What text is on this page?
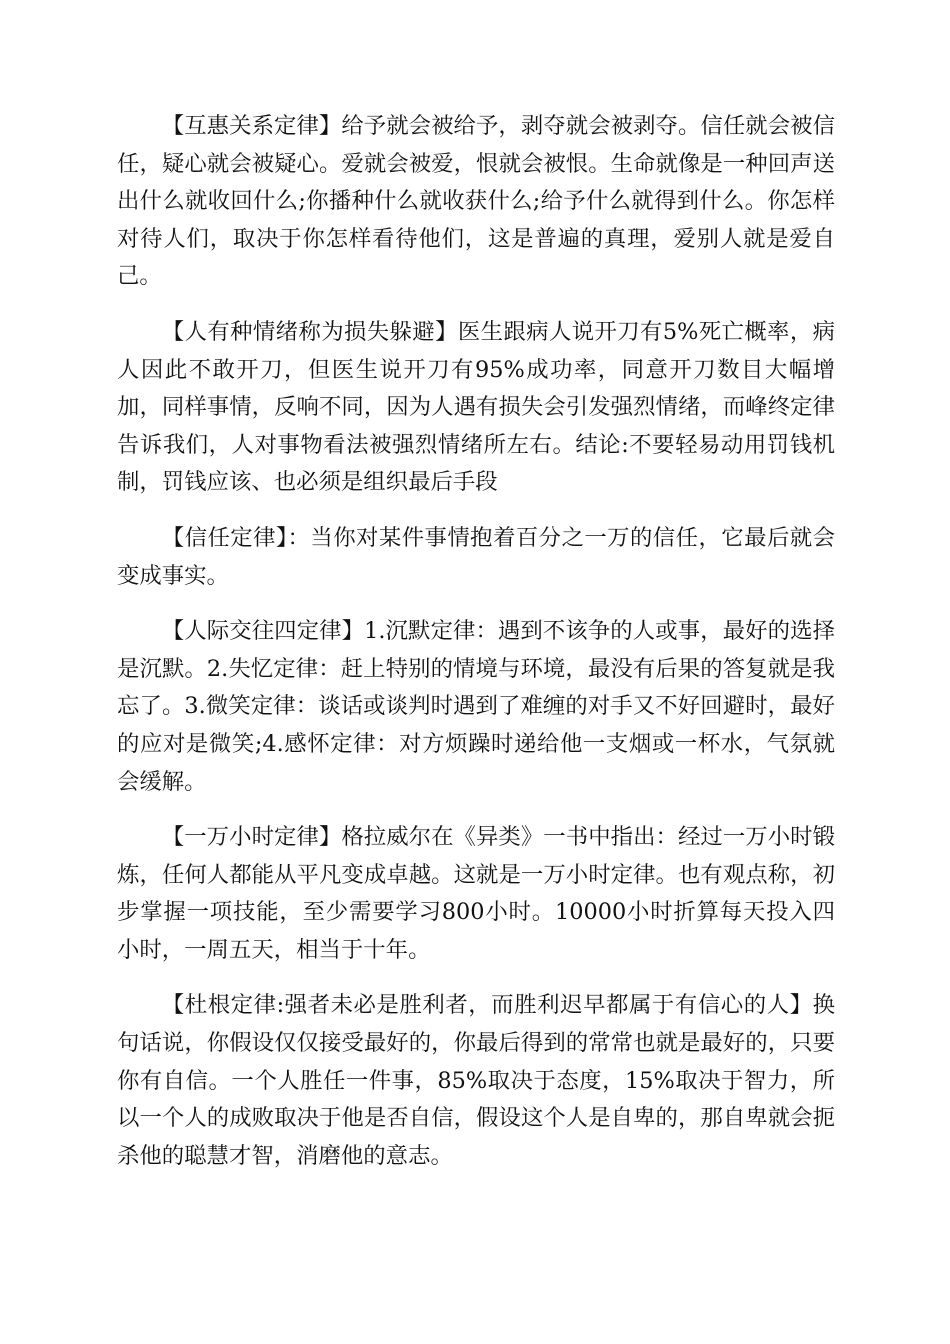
【互惠关系定律】给予就会被给予，剥夺就会被剥夺。信任就会被信任，疑心就会被疑心。爱就会被爱，恨就会被恨。生命就像是一种回声送出什么就收回什么;你播种什么就收获什么;给予什么就得到什么。你怎样对待人们，取决于你怎样看待他们，这是普遍的真理，爱别人就是爱自己。

【人有种情绪称为损失躲避】医生跟病人说开刀有5%死亡概率，病人因此不敢开刀，但医生说开刀有95%成功率，同意开刀数目大幅增加，同样事情，反响不同，因为人遇有损失会引发强烈情绪，而峰终定律告诉我们，人对事物看法被强烈情绪所左右。结论:不要轻易动用罚钱机制，罚钱应该、也必须是组织最后手段

【信任定律】：当你对某件事情抱着百分之一万的信任，它最后就会变成事实。

【人际交往四定律】1.沉默定律：遇到不该争的人或事，最好的选择是沉默。2.失忆定律：赶上特别的情境与环境，最没有后果的答复就是我忘了。3.微笑定律：谈话或谈判时遇到了难缠的对手又不好回避时，最好的应对是微笑;4.感怀定律：对方烦躁时递给他一支烟或一杯水，气氛就会缓解。

【一万小时定律】格拉威尔在《异类》一书中指出：经过一万小时锻炼，任何人都能从平凡变成卓越。这就是一万小时定律。也有观点称，初步掌握一项技能，至少需要学习800小时。10000小时折算每天投入四小时，一周五天，相当于十年。

【杜根定律:强者未必是胜利者，而胜利迟早都属于有信心的人】换句话说，你假设仅仅接受最好的，你最后得到的常常也就是最好的，只要你有自信。一个人胜任一件事，85%取决于态度，15%取决于智力，所以一个人的成败取决于他是否自信，假设这个人是自卑的，那自卑就会扼杀他的聪慧才智，消磨他的意志。
